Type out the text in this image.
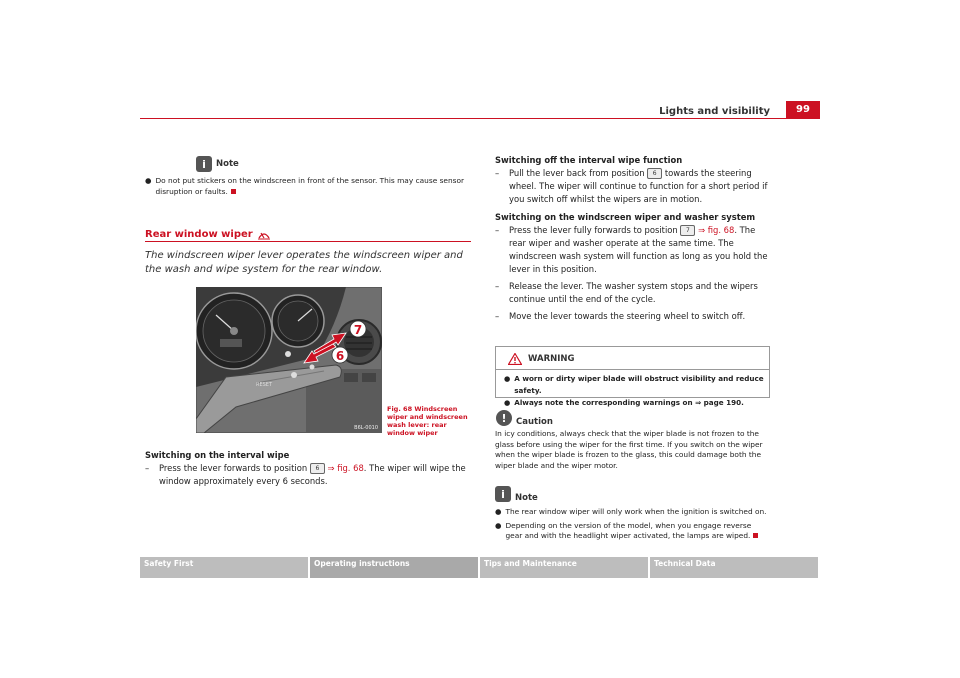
Lights and visibility	99
i	Note
● Do not put stickers on the windscreen in front of the sensor. This may cause sensor disruption or faults.
Rear window wiper
The windscreen wiper lever operates the windscreen wiper and the wash and wipe system for the rear window.
RESET
7
6
B6L-0010
Fig. 68 Windscreen wiper and windscreen wash lever: rear window wiper
Switching on the interval wipe
–	Press the lever forwards to position 6 ⇒ fig. 68. The wiper will wipe the window approximately every 6 seconds.
Switching off the interval wipe function
–	Pull the lever back from position 6 towards the steering wheel. The wiper will continue to function for a short period if you switch off whilst the wipers are in motion.
Switching on the windscreen wiper and washer system
–	Press the lever fully forwards to position 7 ⇒ fig. 68. The rear wiper and washer operate at the same time. The windscreen wash system will function as long as you hold the lever in this position.
–	Release the lever. The washer system stops and the wipers continue until the end of the cycle.
–	Move the lever towards the steering wheel to switch off.
WARNING
● A worn or dirty wiper blade will obstruct visibility and reduce safety.
● Always note the corresponding warnings on ⇒ page 190.
!	Caution
In icy conditions, always check that the wiper blade is not frozen to the glass before using the wiper for the first time. If you switch on the wiper when the wiper blade is frozen to the glass, this could damage both the wiper blade and the wiper motor.
i	Note
● The rear window wiper will only work when the ignition is switched on.
● Depending on the version of the model, when you engage reverse gear and with the headlight wiper activated, the lamps are wiped.
Safety First	Operating instructions	Tips and Maintenance	Technical Data
